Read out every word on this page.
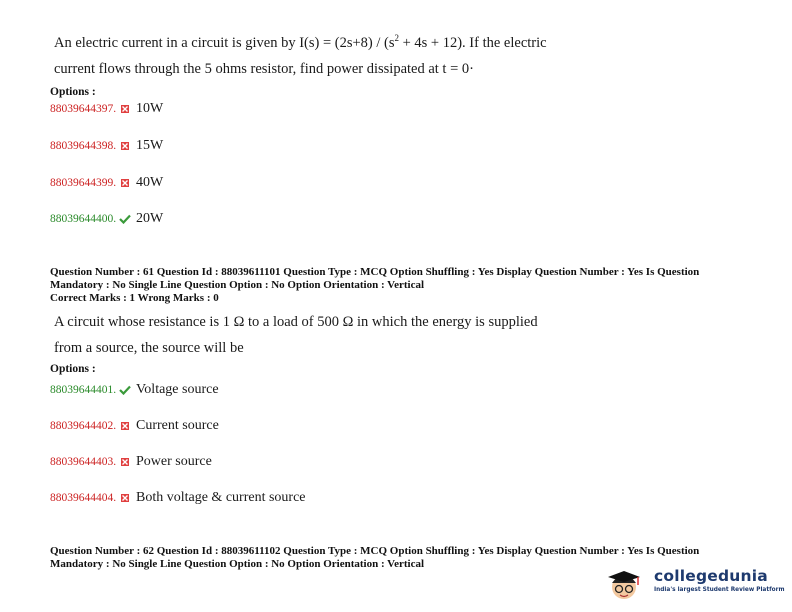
An electric current in a circuit is given by $I(s) = (2s+8) / (s^2 + 4s + 12)$. If the electric
current flows through the 5 ohms resistor, find power dissipated at t = 0·
Options :
88039644397. 10W
88039644398. 15W
88039644399. 40W
88039644400. 20W
Question Number : 61 Question Id : 88039611101 Question Type : MCQ Option Shuffling : Yes Display Question Number : Yes Is Question
Mandatory : No Single Line Question Option : No Option Orientation : Vertical
Correct Marks : 1 Wrong Marks : 0
A circuit whose resistance is 1 Ω to a load of 500 Ω in which the energy is supplied
from a source, the source will be
Options :
88039644401. Voltage source
88039644402. Current source
88039644403. Power source
88039644404. Both voltage & current source
Question Number : 62 Question Id : 88039611102 Question Type : MCQ Option Shuffling : Yes Display Question Number : Yes Is Question
Mandatory : No Single Line Question Option : No Option Orientation : Vertical
collegedunia
India's largest Student Review Platform
